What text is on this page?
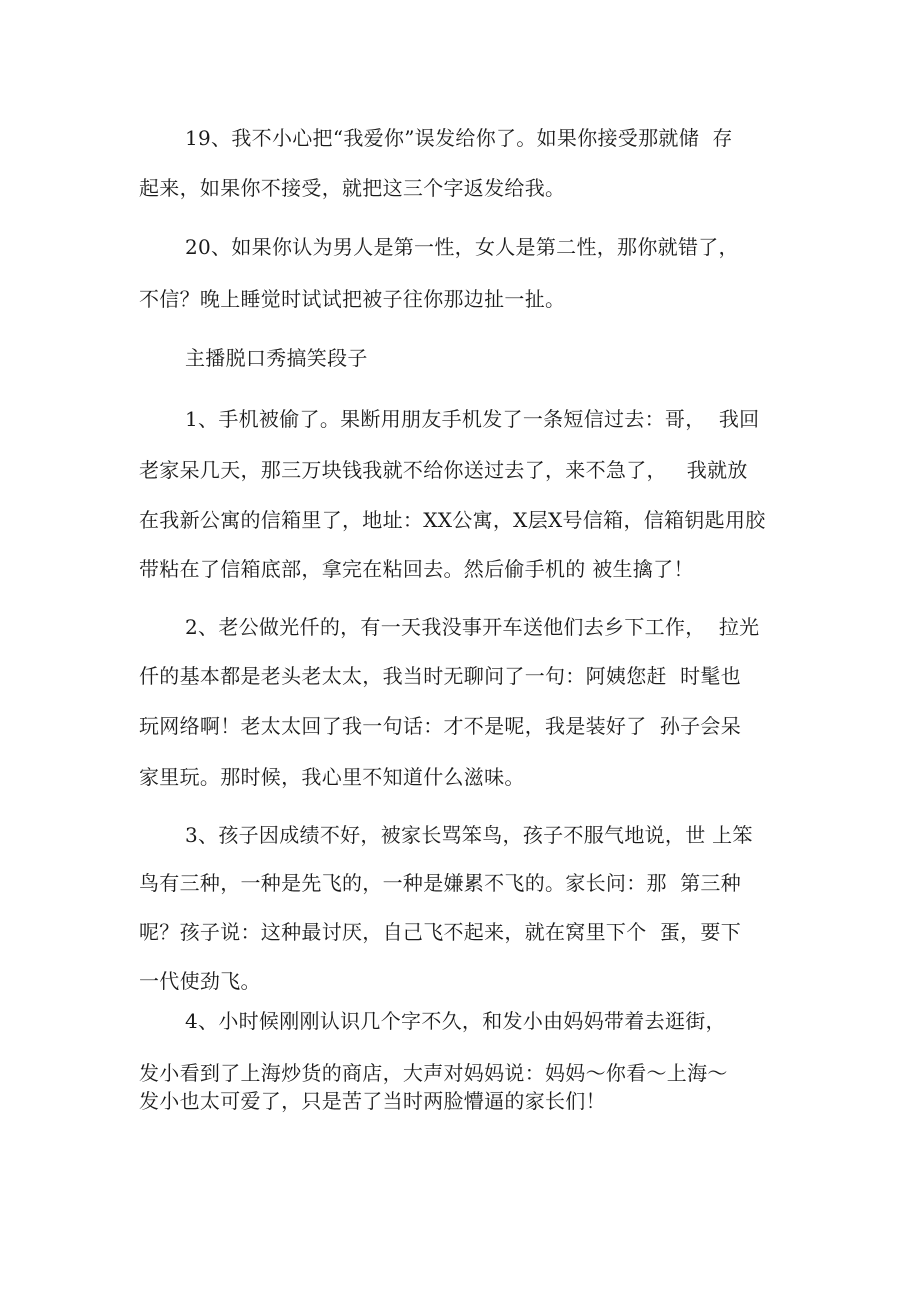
19、我不小心把“我爱你”误发给你了。如果你接受那就储  存
起来，如果你不接受，就把这三个字返发给我。
20、如果你认为男人是第一性，女人是第二性，那你就错了，
不信？晚上睡觉时试试把被子往你那边扯一扯。
主播脱口秀搞笑段子
1、手机被偷了。果断用朋友手机发了一条短信过去：哥，  我回
老家呆几天，那三万块钱我就不给你送过去了，来不急了，   我就放
在我新公寓的信箱里了，地址：XX公寓，X层X号信箱，信箱钥匙用胶
带粘在了信箱底部，拿完在粘回去。然后偷手机的 被生擒了！
2、老公做光仟的，有一天我没事开车送他们去乡下工作，  拉光
仟的基本都是老头老太太，我当时无聊问了一句：阿姨您赶  时髦也
玩网络啊！老太太回了我一句话：才不是呢，我是装好了  孙子会呆
家里玩。那时候，我心里不知道什么滋味。
3、孩子因成绩不好，被家长骂笨鸟，孩子不服气地说，世 上笨
鸟有三种，一种是先飞的，一种是嫌累不飞的。家长问：那  第三种
呢？孩子说：这种最讨厌，自己飞不起来，就在窝里下个  蛋，要下
一代使劲飞。
4、小时候刚刚认识几个字不久，和发小由妈妈带着去逛街，
发小看到了上海炒货的商店，大声对妈妈说：妈妈～你看～上海～
发小也太可爱了，只是苦了当时两脸懵逼的家长们！
